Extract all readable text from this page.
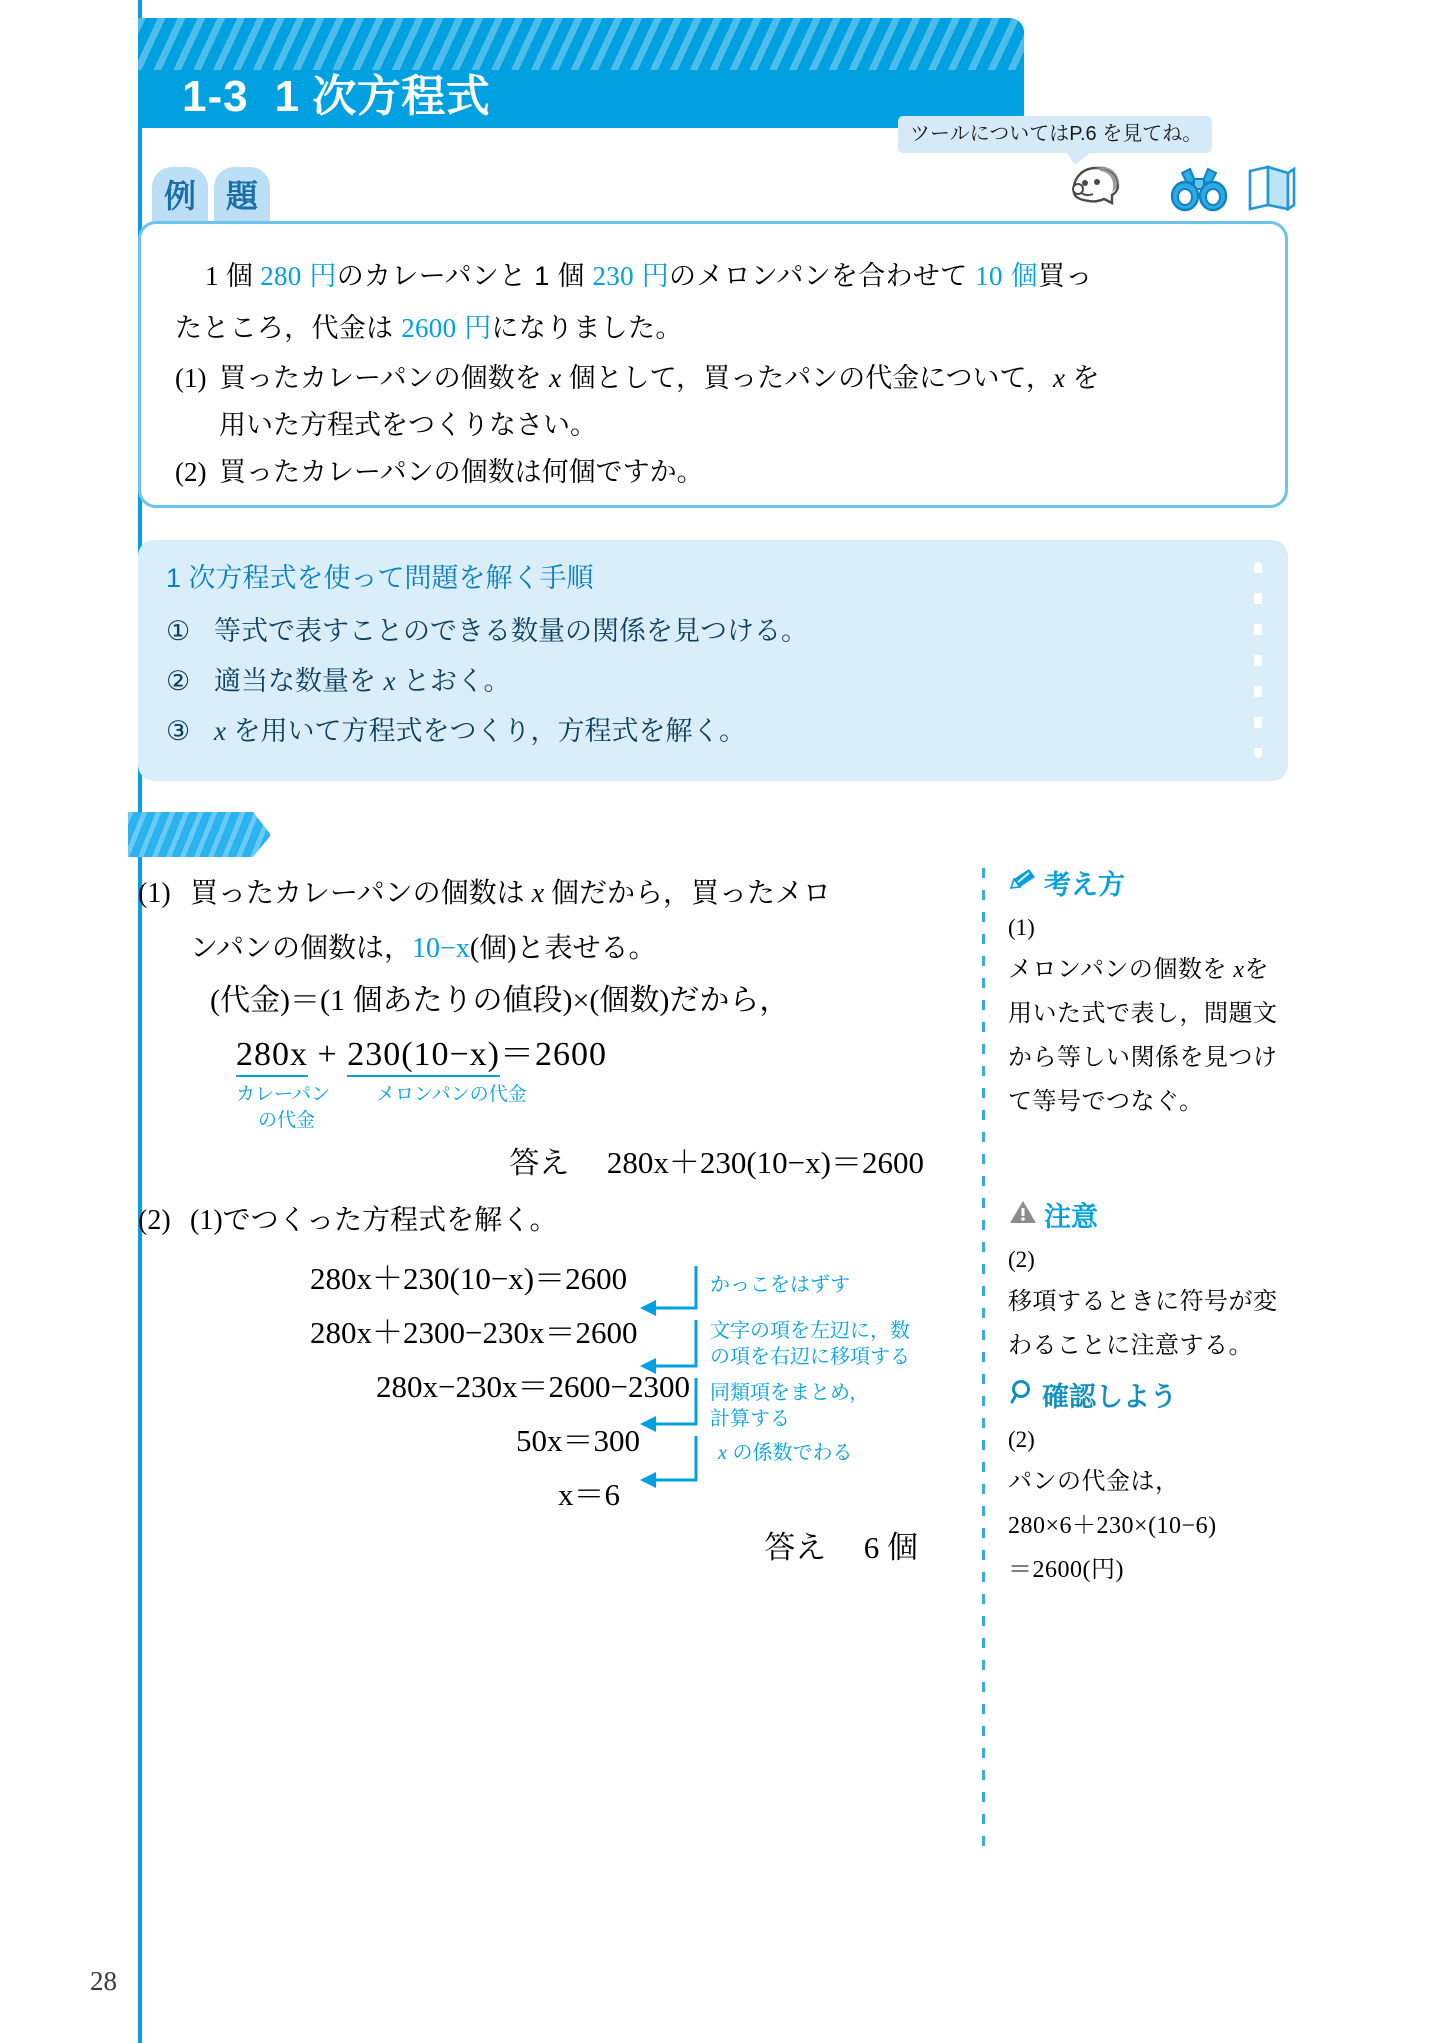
1-3 1 次方程式
ツールについてはP.6 を見てね。
例 題
1 個 280 円のカレーパンと 1 個 230 円のメロンパンを合わせて 10 個買っ
たところ，代金は 2600 円になりました。
(1) 買ったカレーパンの個数を x 個として，買ったパンの代金について，x を
用いた方程式をつくりなさい。
(2) 買ったカレーパンの個数は何個ですか。
1 次方程式を使って問題を解く手順
① 等式で表すことのできる数量の関係を見つける。
② 適当な数量を x とおく。
③ x を用いて方程式をつくり，方程式を解く。
解 答
(1) 買ったカレーパンの個数は x 個だから，買ったメロ
ンパンの個数は，10−x(個)と表せる。
(代金)＝(1 個あたりの値段)×(個数)だから，
280x + 230(10−x)＝2600
カレーパン
の代金
メロンパンの代金
答え 280x＋230(10−x)＝2600
(2) (1)でつくった方程式を解く。
280x＋230(10−x)＝2600
280x＋2300−230x＝2600
280x−230x＝2600−2300
50x＝300
x＝6
かっこをはずす
文字の項を左辺に，数
の項を右辺に移項する
同類項をまとめ，
計算する
x の係数でわる
答え 6 個
考え方
(1)
メロンパンの個数を xを用いた式で表し，問題文から等しい関係を見つけて等号でつなぐ。
注意
(2)
移項するときに符号が変わることに注意する。
確認しよう
(2)
パンの代金は，
280×6＋230×(10−6)
＝2600(円)
28
